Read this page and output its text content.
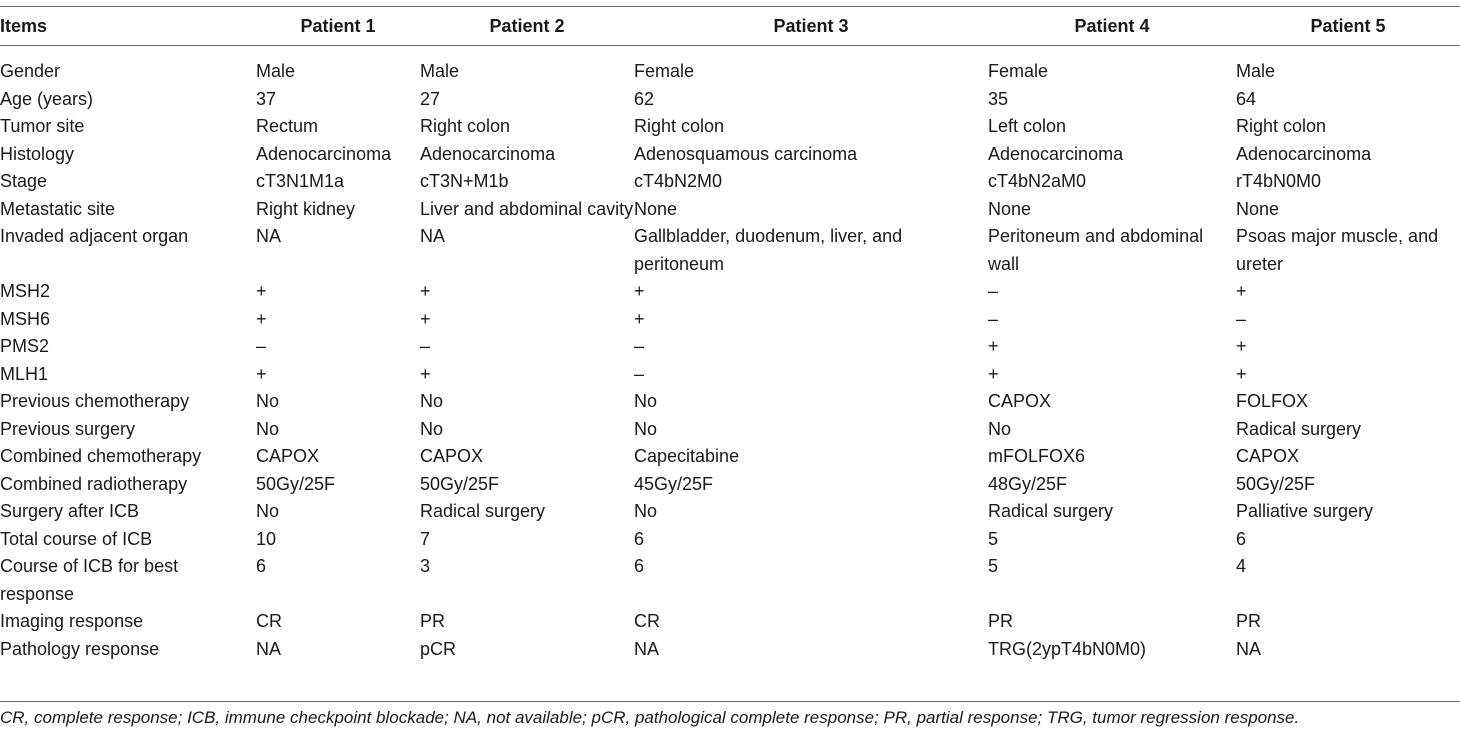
Items	Patient 1	Patient 2	Patient 3	Patient 4	Patient 5

Gender	Male	Male	Female	Female	Male
Age (years)	37	27	62	35	64
Tumor site	Rectum	Right colon	Right colon	Left colon	Right colon
Histology	Adenocarcinoma	Adenocarcinoma	Adenosquamous carcinoma	Adenocarcinoma	Adenocarcinoma
Stage	cT3N1M1a	cT3N+M1b	cT4bN2M0	cT4bN2aM0	rT4bN0M0
Metastatic site	Right kidney	Liver and abdominal cavity	None	None	None
Invaded adjacent organ	NA	NA	Gallbladder, duodenum, liver, and peritoneum	Peritoneum and abdominal wall	Psoas major muscle, and ureter
MSH2	+	+	+	–	+
MSH6	+	+	+	–	–
PMS2	–	–	–	+	+
MLH1	+	+	–	+	+
Previous chemotherapy	No	No	No	CAPOX	FOLFOX
Previous surgery	No	No	No	No	Radical surgery
Combined chemotherapy	CAPOX	CAPOX	Capecitabine	mFOLFOX6	CAPOX
Combined radiotherapy	50Gy/25F	50Gy/25F	45Gy/25F	48Gy/25F	50Gy/25F
Surgery after ICB	No	Radical surgery	No	Radical surgery	Palliative surgery
Total course of ICB	10	7	6	5	6
Course of ICB for best response	6	3	6	5	4
Imaging response	CR	PR	CR	PR	PR
Pathology response	NA	pCR	NA	TRG(2ypT4bN0M0)	NA
CR, complete response; ICB, immune checkpoint blockade; NA, not available; pCR, pathological complete response; PR, partial response; TRG, tumor regression response.
